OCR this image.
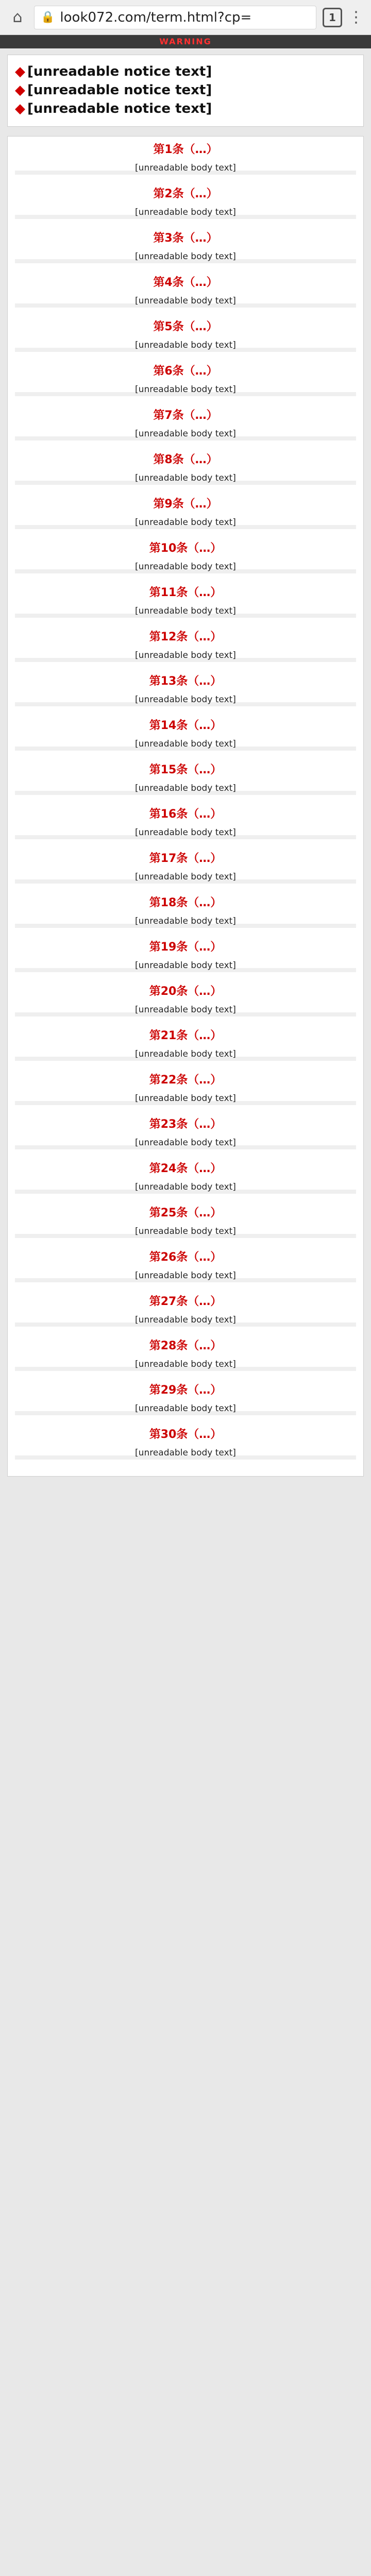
⌂	🔒 look072.com/term.html?cp=	1 ⋮
WARNING
◆ [unreadable notice text]
◆ [unreadable notice text]
◆ [unreadable notice text]
第1条（…）
[unreadable body text]
第2条（…）
[unreadable body text]
第3条（…）
[unreadable body text]
第4条（…）
[unreadable body text]
第5条（…）
[unreadable body text]
第6条（…）
[unreadable body text]
第7条（…）
[unreadable body text]
第8条（…）
[unreadable body text]
第9条（…）
[unreadable body text]
第10条（…）
[unreadable body text]
第11条（…）
[unreadable body text]
第12条（…）
[unreadable body text]
第13条（…）
[unreadable body text]
第14条（…）
[unreadable body text]
第15条（…）
[unreadable body text]
第16条（…）
[unreadable body text]
第17条（…）
[unreadable body text]
第18条（…）
[unreadable body text]
第19条（…）
[unreadable body text]
第20条（…）
[unreadable body text]
第21条（…）
[unreadable body text]
第22条（…）
[unreadable body text]
第23条（…）
[unreadable body text]
第24条（…）
[unreadable body text]
第25条（…）
[unreadable body text]
第26条（…）
[unreadable body text]
第27条（…）
[unreadable body text]
第28条（…）
[unreadable body text]
第29条（…）
[unreadable body text]
第30条（…）
[unreadable body text]
